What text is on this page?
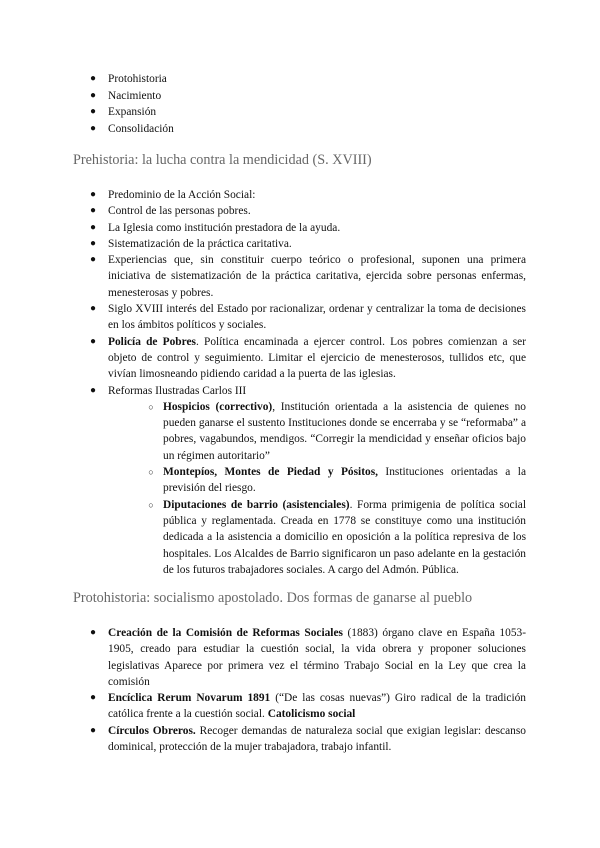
● Protohistoria
● Nacimiento
● Expansión
● Consolidación
Prehistoria: la lucha contra la mendicidad (S. XVIII)
● Predominio de la Acción Social:
● Control de las personas pobres.
● La Iglesia como institución prestadora de la ayuda.
● Sistematización de la práctica caritativa.
● Experiencias que, sin constituir cuerpo teórico o profesional, suponen una primera iniciativa de sistematización de la práctica caritativa, ejercida sobre personas enfermas, menesterosas y pobres.
● Siglo XVIII interés del Estado por racionalizar, ordenar y centralizar la toma de decisiones en los ámbitos políticos y sociales.
● Policía de Pobres. Política encaminada a ejercer control. Los pobres comienzan a ser objeto de control y seguimiento. Limitar el ejercicio de menesterosos, tullidos etc, que vivían limosneando pidiendo caridad a la puerta de las iglesias.
● Reformas Ilustradas Carlos III
○ Hospicios (correctivo), Institución orientada a la asistencia de quienes no pueden ganarse el sustento Instituciones donde se encerraba y se “reformaba” a pobres, vagabundos, mendigos. “Corregir la mendicidad y enseñar oficios bajo un régimen autoritario”
○ Montepíos, Montes de Piedad y Pósitos, Instituciones orientadas a la previsión del riesgo.
○ Diputaciones de barrio (asistenciales). Forma primigenia de política social pública y reglamentada. Creada en 1778 se constituye como una institución dedicada a la asistencia a domicilio en oposición a la política represiva de los hospitales. Los Alcaldes de Barrio significaron un paso adelante en la gestación de los futuros trabajadores sociales. A cargo del Admón. Pública.
Protohistoria: socialismo apostolado. Dos formas de ganarse al pueblo
● Creación de la Comisión de Reformas Sociales (1883) órgano clave en España 1053-1905, creado para estudiar la cuestión social, la vida obrera y proponer soluciones legislativas Aparece por primera vez el término Trabajo Social en la Ley que crea la comisión
● Encíclica Rerum Novarum 1891 (“De las cosas nuevas”) Giro radical de la tradición católica frente a la cuestión social. Catolicismo social
● Círculos Obreros. Recoger demandas de naturaleza social que exigian legislar: descanso dominical, protección de la mujer trabajadora, trabajo infantil.
